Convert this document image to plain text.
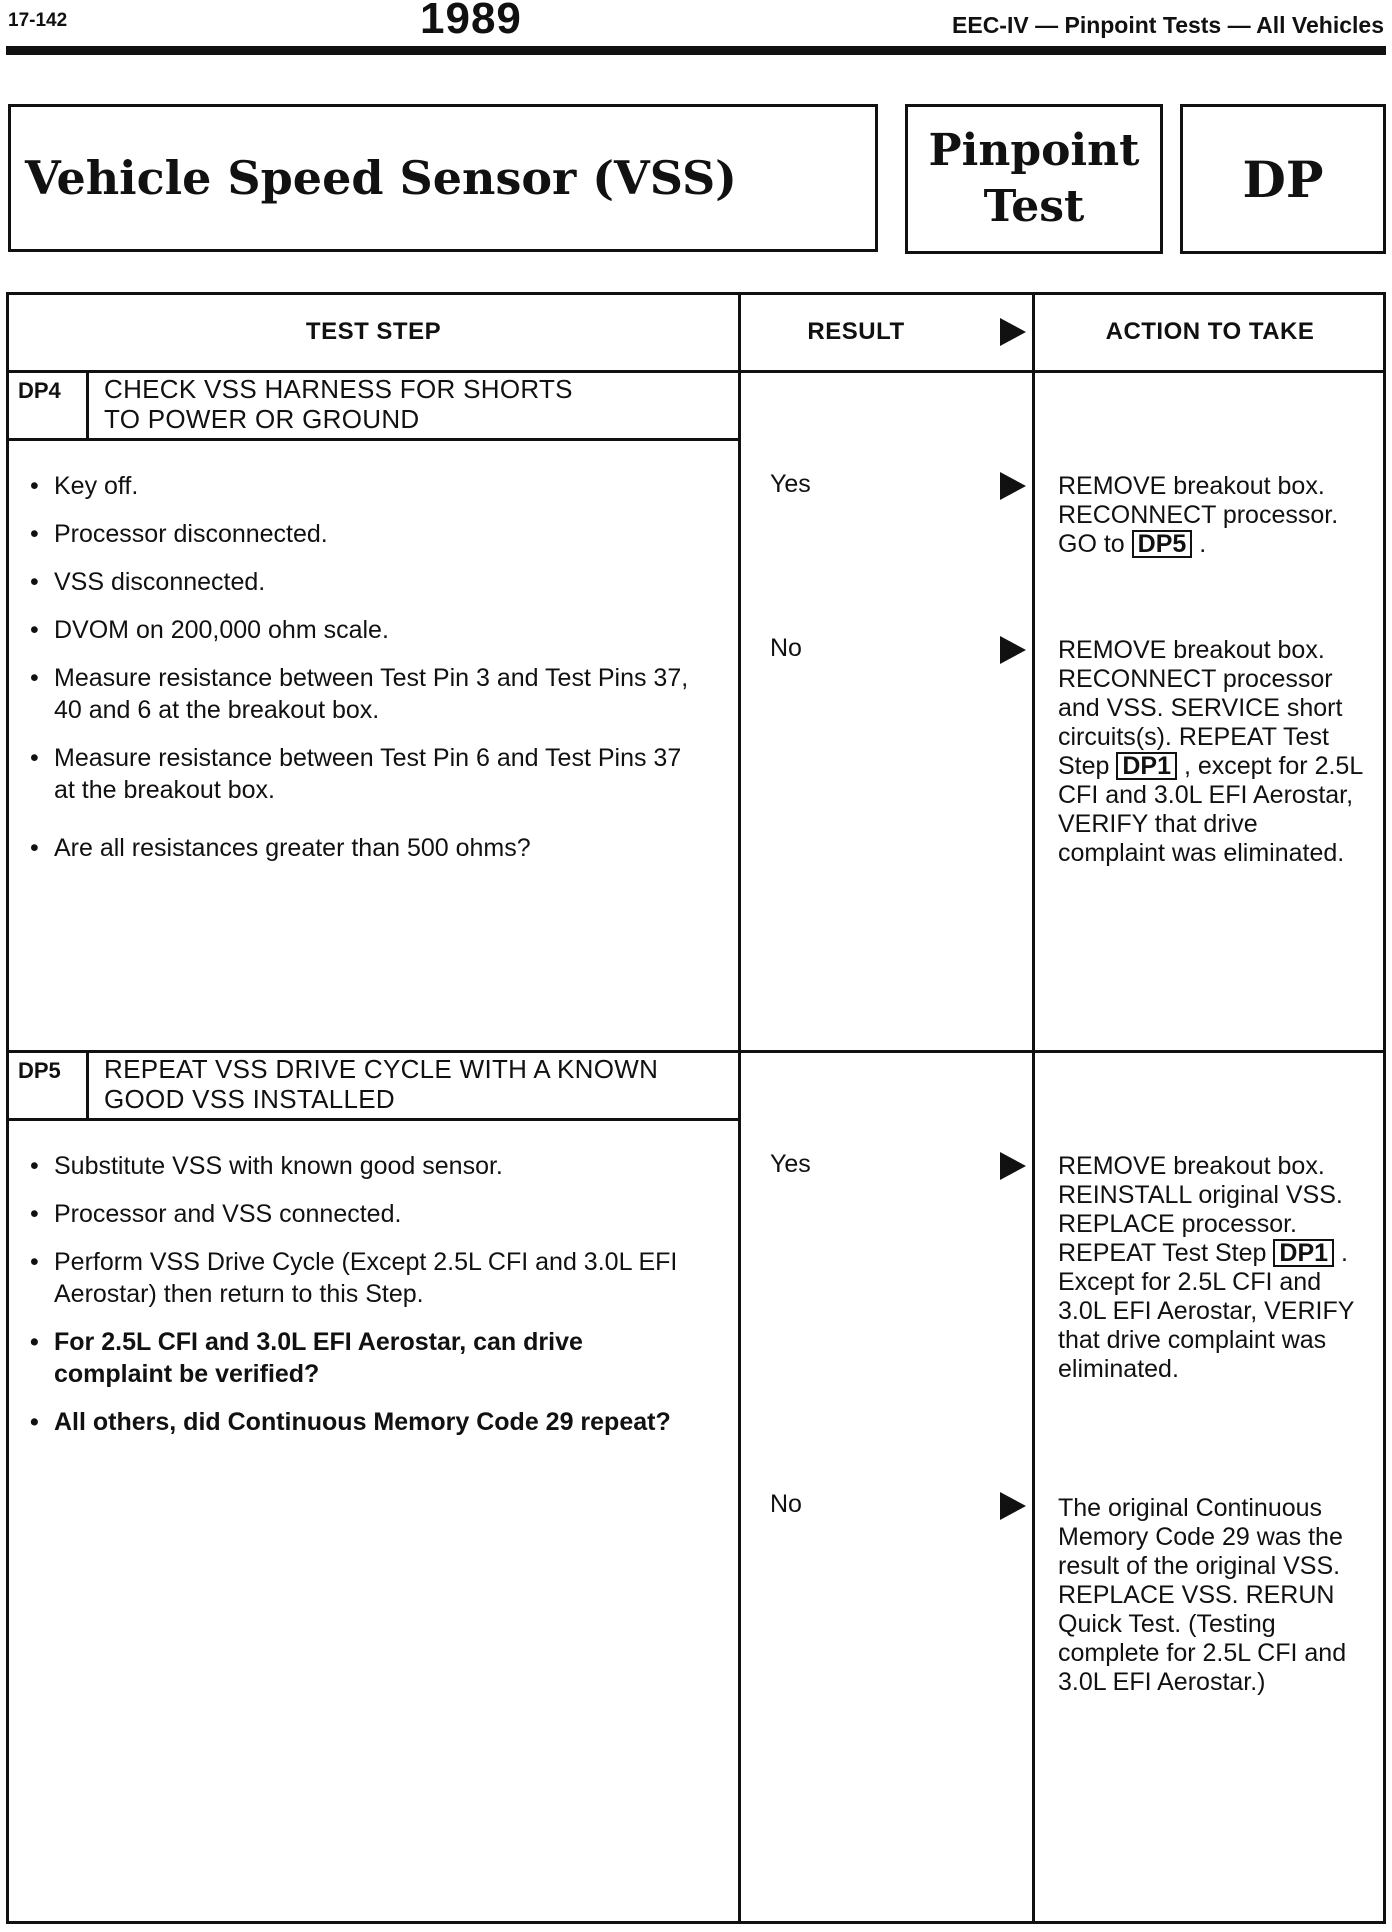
17-142	1989	EEC-IV — Pinpoint Tests — All Vehicles
Vehicle Speed Sensor (VSS)
Pinpoint
Test	DP
TEST STEP	RESULT	ACTION TO TAKE
DP4 CHECK VSS HARNESS FOR SHORTS
TO POWER OR GROUND
• Key off.
• Processor disconnected.
• VSS disconnected.
• DVOM on 200,000 ohm scale.
• Measure resistance between Test Pin 3 and Test Pins 37, 40 and 6 at the breakout box.
• Measure resistance between Test Pin 6 and Test Pins 37 at the breakout box.
• Are all resistances greater than 500 ohms?
Yes	REMOVE breakout box. RECONNECT processor. GO to DP5 .
No	REMOVE breakout box. RECONNECT processor and VSS. SERVICE short circuits(s). REPEAT Test Step DP1 , except for 2.5L CFI and 3.0L EFI Aerostar, VERIFY that drive complaint was eliminated.
DP5 REPEAT VSS DRIVE CYCLE WITH A KNOWN
GOOD VSS INSTALLED
• Substitute VSS with known good sensor.
• Processor and VSS connected.
• Perform VSS Drive Cycle (Except 2.5L CFI and 3.0L EFI Aerostar) then return to this Step.
• For 2.5L CFI and 3.0L EFI Aerostar, can drive complaint be verified?
• All others, did Continuous Memory Code 29 repeat?
Yes	REMOVE breakout box. REINSTALL original VSS. REPLACE processor. REPEAT Test Step DP1 . Except for 2.5L CFI and 3.0L EFI Aerostar, VERIFY that drive complaint was eliminated.
No	The original Continuous Memory Code 29 was the result of the original VSS. REPLACE VSS. RERUN Quick Test. (Testing complete for 2.5L CFI and 3.0L EFI Aerostar.)
